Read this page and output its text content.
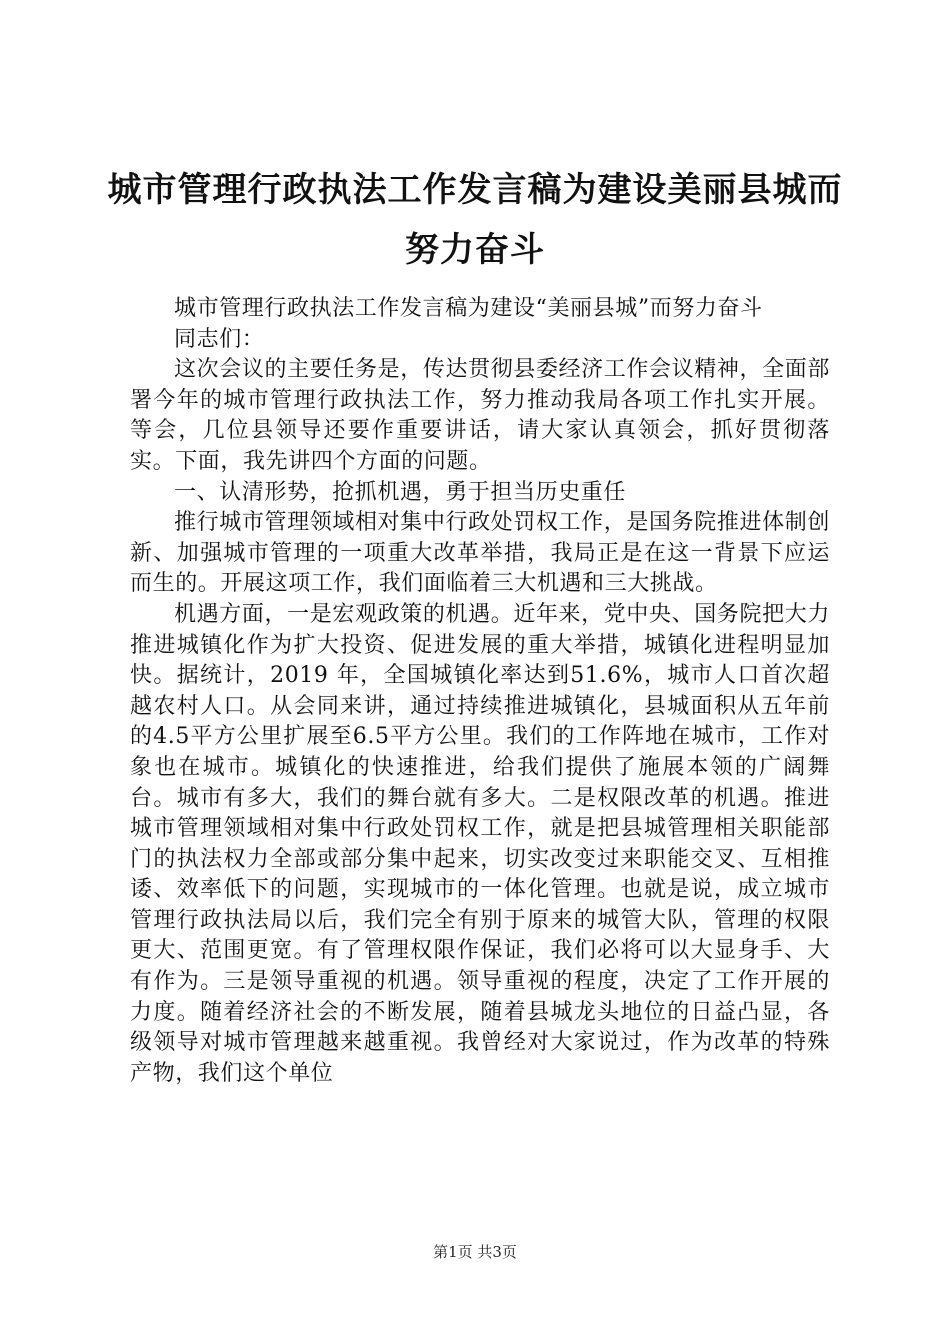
城市管理行政执法工作发言稿为建设美丽县城而努力奋斗

城市管理行政执法工作发言稿为建设“美丽县城”而努力奋斗

同志们：

这次会议的主要任务是，传达贯彻县委经济工作会议精神，全面部署今年的城市管理行政执法工作，努力推动我局各项工作扎实开展。等会，几位县领导还要作重要讲话，请大家认真领会，抓好贯彻落实。下面，我先讲四个方面的问题。

一、认清形势，抢抓机遇，勇于担当历史重任

推行城市管理领域相对集中行政处罚权工作，是国务院推进体制创新、加强城市管理的一项重大改革举措，我局正是在这一背景下应运而生的。开展这项工作，我们面临着三大机遇和三大挑战。

机遇方面，一是宏观政策的机遇。近年来，党中央、国务院把大力推进城镇化作为扩大投资、促进发展的重大举措，城镇化进程明显加快。据统计，2019 年，全国城镇化率达到51.6%，城市人口首次超越农村人口。从会同来讲，通过持续推进城镇化，县城面积从五年前的4.5平方公里扩展至6.5平方公里。我们的工作阵地在城市，工作对象也在城市。城镇化的快速推进，给我们提供了施展本领的广阔舞台。城市有多大，我们的舞台就有多大。二是权限改革的机遇。推进城市管理领域相对集中行政处罚权工作，就是把县城管理相关职能部门的执法权力全部或部分集中起来，切实改变过来职能交叉、互相推诿、效率低下的问题，实现城市的一体化管理。也就是说，成立城市管理行政执法局以后，我们完全有别于原来的城管大队，管理的权限更大、范围更宽。有了管理权限作保证，我们必将可以大显身手、大有作为。三是领导重视的机遇。领导重视的程度，决定了工作开展的力度。随着经济社会的不断发展，随着县城龙头地位的日益凸显，各级领导对城市管理越来越重视。我曾经对大家说过，作为改革的特殊产物，我们这个单位

第1页 共3页
